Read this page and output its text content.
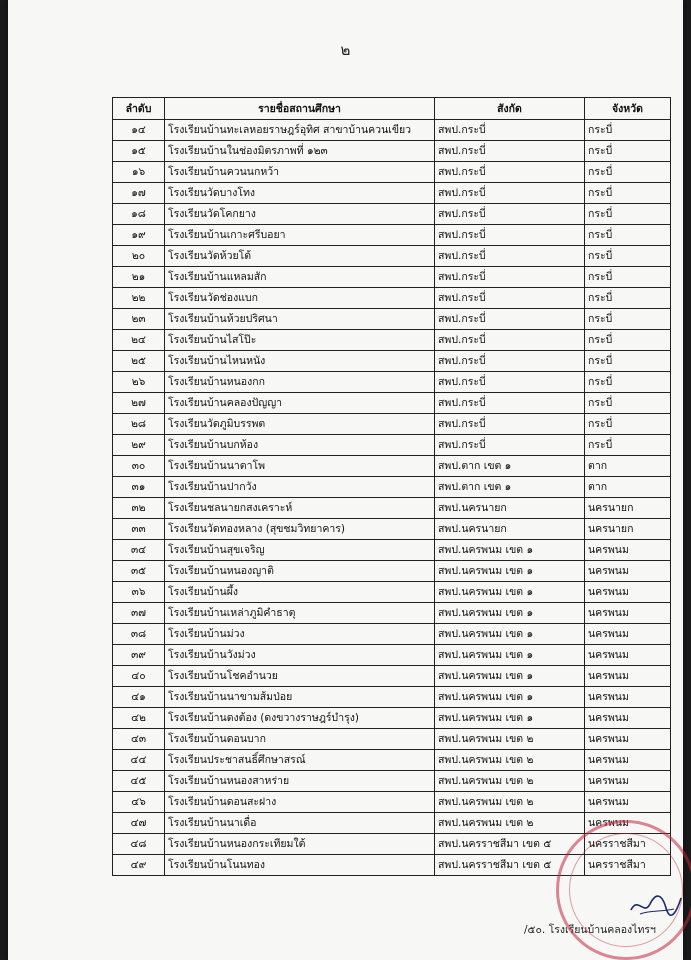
๒
ลำดับ	รายชื่อสถานศึกษา	สังกัด	จังหวัด
๑๔	โรงเรียนบ้านทะเลหอยราษฎร์อุทิศ สาขาบ้านควนเขียว	สพป.กระบี่	กระบี่
๑๕	โรงเรียนบ้านในช่องมิตรภาพที่ ๑๒๓	สพป.กระบี่	กระบี่
๑๖	โรงเรียนบ้านควนนกหว้า	สพป.กระบี่	กระบี่
๑๗	โรงเรียนวัดบางโทง	สพป.กระบี่	กระบี่
๑๘	โรงเรียนวัดโคกยาง	สพป.กระบี่	กระบี่
๑๙	โรงเรียนบ้านเกาะศรีบอยา	สพป.กระบี่	กระบี่
๒๐	โรงเรียนวัดห้วยโต้	สพป.กระบี่	กระบี่
๒๑	โรงเรียนบ้านแหลมสัก	สพป.กระบี่	กระบี่
๒๒	โรงเรียนวัดช่องแบก	สพป.กระบี่	กระบี่
๒๓	โรงเรียนบ้านห้วยปริศนา	สพป.กระบี่	กระบี่
๒๔	โรงเรียนบ้านไสโป๊ะ	สพป.กระบี่	กระบี่
๒๕	โรงเรียนบ้านไหนหนัง	สพป.กระบี่	กระบี่
๒๖	โรงเรียนบ้านหนองกก	สพป.กระบี่	กระบี่
๒๗	โรงเรียนบ้านคลองปัญญา	สพป.กระบี่	กระบี่
๒๘	โรงเรียนวัดภูมิบรรพต	สพป.กระบี่	กระบี่
๒๙	โรงเรียนบ้านบกห้อง	สพป.กระบี่	กระบี่
๓๐	โรงเรียนบ้านนาตาโพ	สพป.ตาก เขต ๑	ตาก
๓๑	โรงเรียนบ้านปากวัง	สพป.ตาก เขต ๑	ตาก
๓๒	โรงเรียนชลนายกสงเคราะห์	สพป.นครนายก	นครนายก
๓๓	โรงเรียนวัดทองหลาง (สุขชมวิทยาคาร)	สพป.นครนายก	นครนายก
๓๔	โรงเรียนบ้านสุขเจริญ	สพป.นครพนม เขต ๑	นครพนม
๓๕	โรงเรียนบ้านหนองญาติ	สพป.นครพนม เขต ๑	นครพนม
๓๖	โรงเรียนบ้านผึ้ง	สพป.นครพนม เขต ๑	นครพนม
๓๗	โรงเรียนบ้านเหล่าภูมิคำธาตุ	สพป.นครพนม เขต ๑	นครพนม
๓๘	โรงเรียนบ้านม่วง	สพป.นครพนม เขต ๑	นครพนม
๓๙	โรงเรียนบ้านวังม่วง	สพป.นครพนม เขต ๑	นครพนม
๔๐	โรงเรียนบ้านโชคอำนวย	สพป.นครพนม เขต ๑	นครพนม
๔๑	โรงเรียนบ้านนาขามส้มป่อย	สพป.นครพนม เขต ๑	นครพนม
๔๒	โรงเรียนบ้านดงต้อง (ดงขวางราษฎร์บำรุง)	สพป.นครพนม เขต ๑	นครพนม
๔๓	โรงเรียนบ้านดอนบาก	สพป.นครพนม เขต ๒	นครพนม
๔๔	โรงเรียนประชาสนธิ์ศึกษาสรณ์	สพป.นครพนม เขต ๒	นครพนม
๔๕	โรงเรียนบ้านหนองสาหร่าย	สพป.นครพนม เขต ๒	นครพนม
๔๖	โรงเรียนบ้านดอนสะฝาง	สพป.นครพนม เขต ๒	นครพนม
๔๗	โรงเรียนบ้านนาเดื่อ	สพป.นครพนม เขต ๒	นครพนม
๔๘	โรงเรียนบ้านหนองกระเทียมใต้	สพป.นครราชสีมา เขต ๕	นครราชสีมา
๔๙	โรงเรียนบ้านโนนทอง	สพป.นครราชสีมา เขต ๕	นครราชสีมา
/๕๐. โรงเรียนบ้านคลองไทรฯ
